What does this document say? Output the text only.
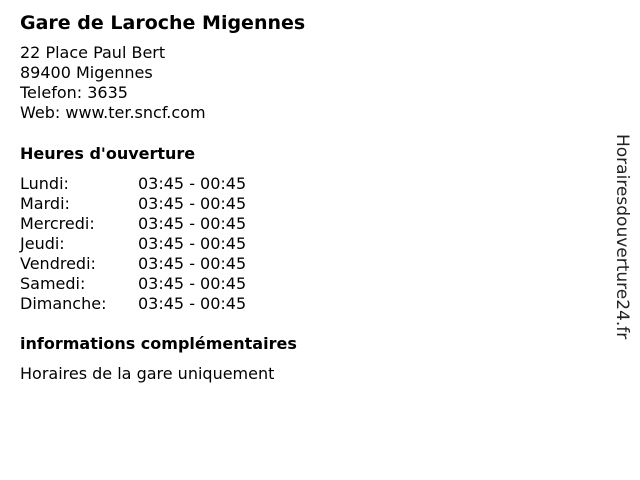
Gare de Laroche Migennes
22 Place Paul Bert
89400 Migennes
Telefon: 3635
Web: www.ter.sncf.com
Heures d'ouverture
Lundi:	03:45 - 00:45
Mardi:	03:45 - 00:45
Mercredi:	03:45 - 00:45
Jeudi:	03:45 - 00:45
Vendredi:	03:45 - 00:45
Samedi:	03:45 - 00:45
Dimanche:	03:45 - 00:45
informations complémentaires
Horaires de la gare uniquement
Horairesdouverture24.fr
